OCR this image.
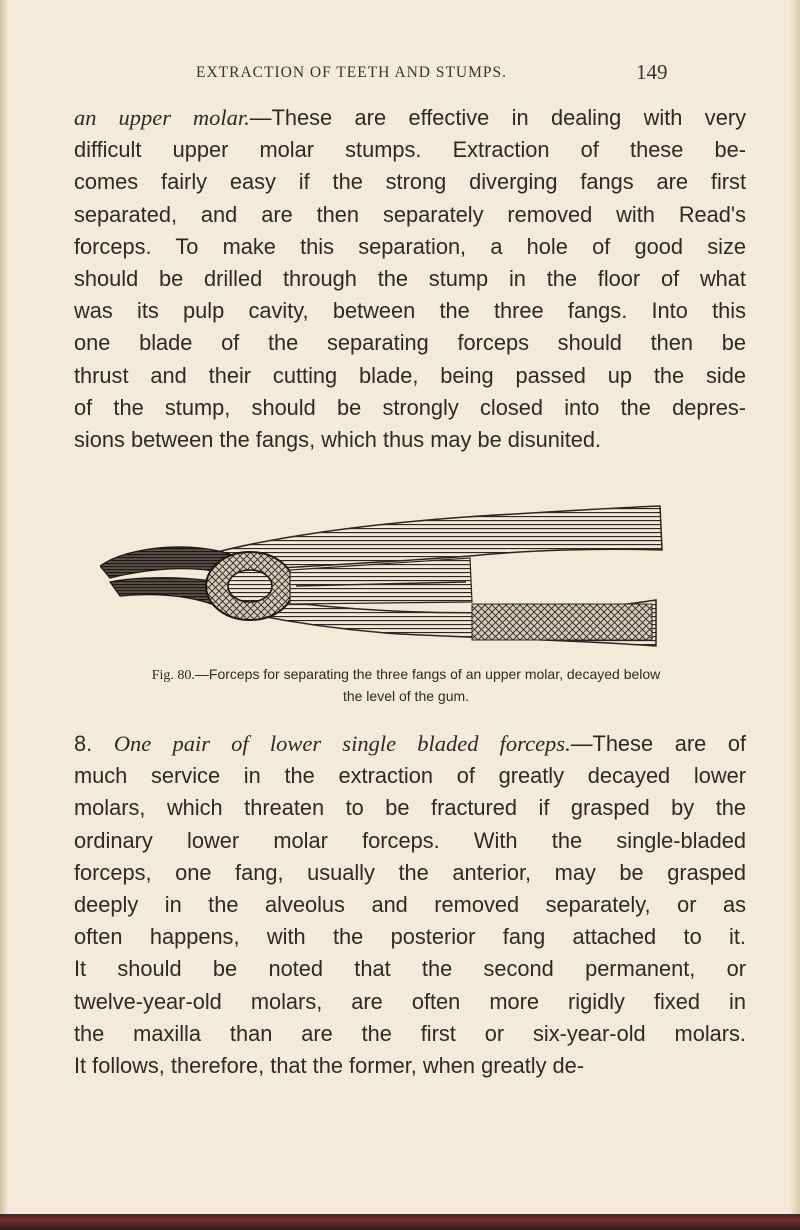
EXTRACTION OF TEETH AND STUMPS.	149
an upper molar.—These are effective in dealing with very
difficult upper molar stumps. Extraction of these be-
comes fairly easy if the strong diverging fangs are first
separated, and are then separately removed with Read's
forceps. To make this separation, a hole of good size
should be drilled through the stump in the floor of what
was its pulp cavity, between the three fangs. Into this
one blade of the separating forceps should then be
thrust and their cutting blade, being passed up the side
of the stump, should be strongly closed into the depres-
sions between the fangs, which thus may be disunited.
Fig. 80.—Forceps for separating the three fangs of an upper molar, decayed below
the level of the gum.
8. One pair of lower single bladed forceps.—These are of
much service in the extraction of greatly decayed lower
molars, which threaten to be fractured if grasped by the
ordinary lower molar forceps. With the single-bladed
forceps, one fang, usually the anterior, may be grasped
deeply in the alveolus and removed separately, or as
often happens, with the posterior fang attached to it.
It should be noted that the second permanent, or
twelve-year-old molars, are often more rigidly fixed in
the maxilla than are the first or six-year-old molars.
It follows, therefore, that the former, when greatly de-
